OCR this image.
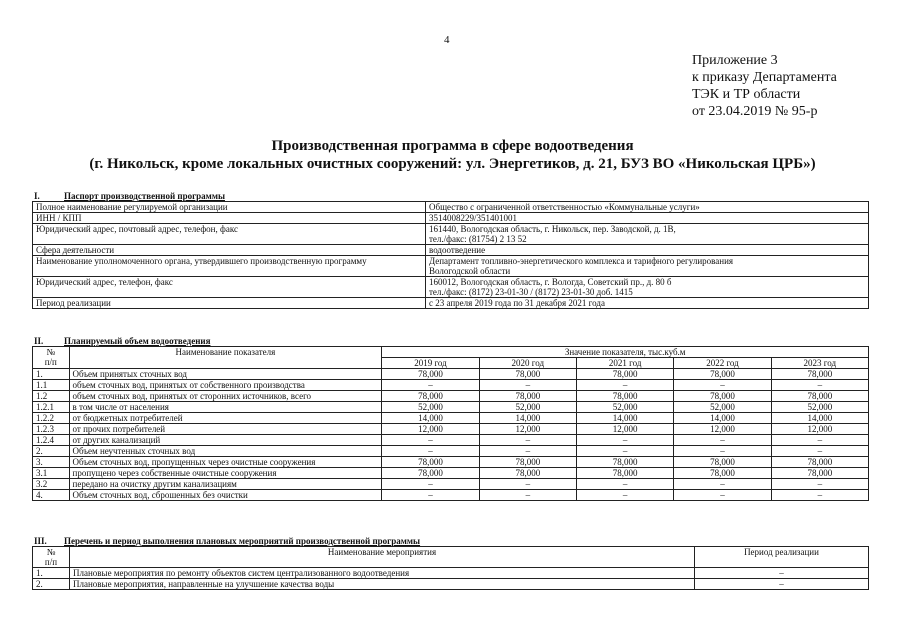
4
Приложение 3
к приказу Департамента
ТЭК и ТР области
от 23.04.2019 № 95-р
Производственная программа в сфере водоотведения
(г. Никольск, кроме локальных очистных сооружений: ул. Энергетиков, д. 21, БУЗ ВО «Никольская ЦРБ»)
I.	Паспорт производственной программы
Полное наименование регулируемой организации	Общество с ограниченной ответственностью «Коммунальные услуги»

ИНН / КПП	3514008229/351401001

Юридический адрес, почтовый адрес, телефон, факс	161440, Вологодская область, г. Никольск, пер. Заводской, д. 1В,
тел./факс: (81754) 2 13 52

Сфера деятельности	водоотведение

Наименование уполномоченного органа, утвердившего производственную программу	Департамент топливно-энергетического комплекса и тарифного регулирования
Вологодской области

Юридический адрес, телефон, факс	160012, Вологодская область, г. Вологда, Советский пр., д. 80 б
тел./факс: (8172) 23-01-30 / (8172) 23-01-30 доб. 1415

Период реализации	с 23 апреля 2019 года по 31 декабря 2021 года
II. Планируемый объем водоотведения
№
п/п	Наименование показателя	Значение показателя, тыс.куб.м				
		2019 год	2020 год	2021 год	2022 год	2023 год
1.	Объем принятых сточных вод	78,000	78,000	78,000	78,000	78,000
1.1	объем сточных вод, принятых от собственного производства	–	–	–	–	–
1.2	объем сточных вод, принятых от сторонних источников, всего	78,000	78,000	78,000	78,000	78,000
1.2.1	в том числе от населения	52,000	52,000	52,000	52,000	52,000
1.2.2	от бюджетных потребителей	14,000	14,000	14,000	14,000	14,000
1.2.3	от прочих потребителей	12,000	12,000	12,000	12,000	12,000
1.2.4	от других канализаций	–	–	–	–	–
2.	Объем неучтенных сточных вод	–	–	–	–	–
3.	Объем сточных вод, пропущенных через очистные сооружения	78,000	78,000	78,000	78,000	78,000
3.1	пропущено через собственные очистные сооружения	78,000	78,000	78,000	78,000	78,000
3.2	передано на очистку другим канализациям	–	–	–	–	–
4.	Объем сточных вод, сброшенных без очистки	–	–	–	–	–
III. Перечень и период выполнения плановых мероприятий производственной программы
№
п/п	Наименование мероприятия	Период реализации
1.	Плановые мероприятия по ремонту объектов систем централизованного водоотведения	–
2.	Плановые мероприятия, направленные на улучшение качества воды	–
